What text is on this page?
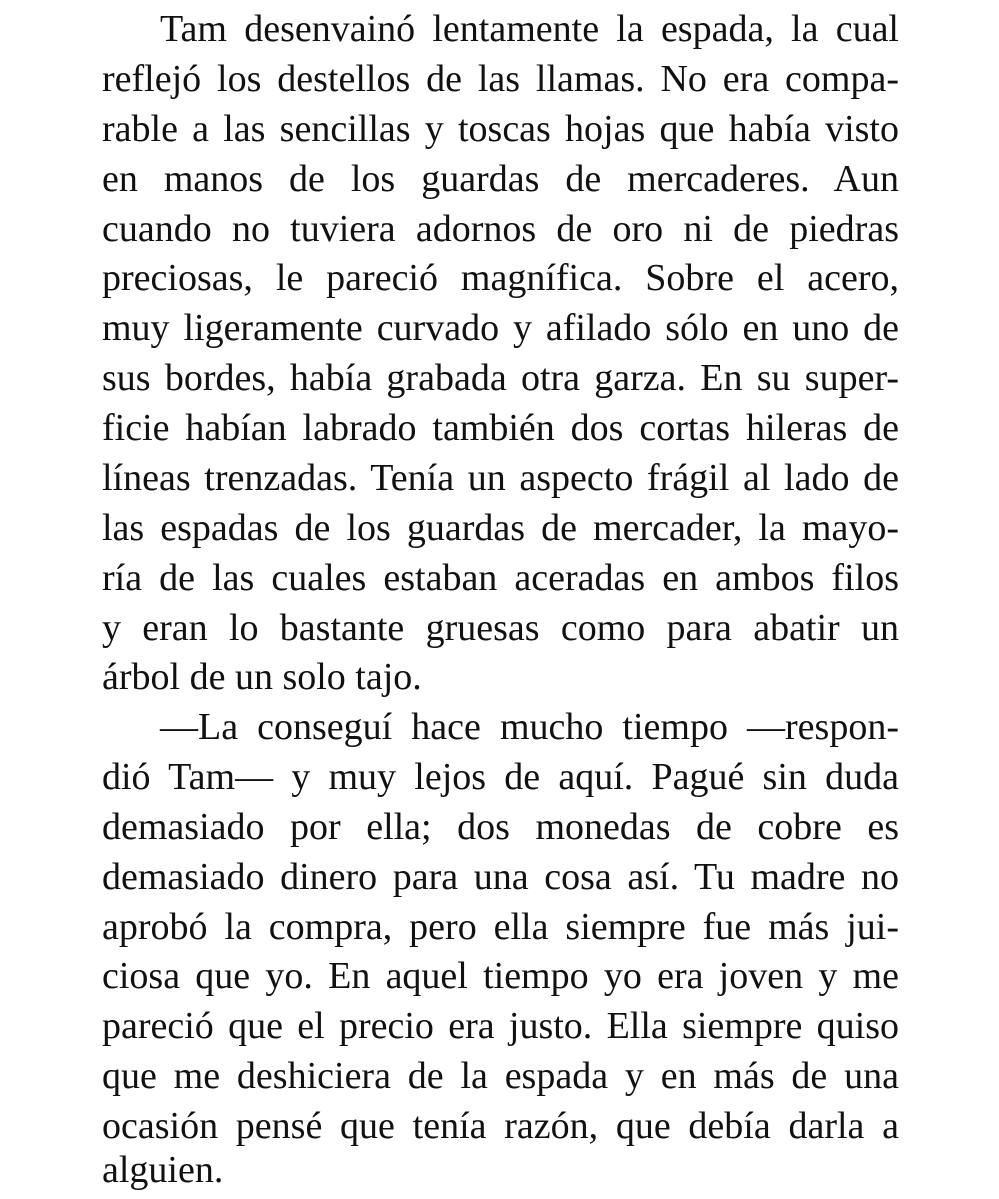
Tam desenvainó lentamente la espada, la cual
reflejó los destellos de las llamas. No era compa-
rable a las sencillas y toscas hojas que había visto
en manos de los guardas de mercaderes. Aun
cuando no tuviera adornos de oro ni de piedras
preciosas, le pareció magnífica. Sobre el acero,
muy ligeramente curvado y afilado sólo en uno de
sus bordes, había grabada otra garza. En su super-
ficie habían labrado también dos cortas hileras de
líneas trenzadas. Tenía un aspecto frágil al lado de
las espadas de los guardas de mercader, la mayo-
ría de las cuales estaban aceradas en ambos filos
y eran lo bastante gruesas como para abatir un
árbol de un solo tajo.
—La conseguí hace mucho tiempo —respon-
dió Tam— y muy lejos de aquí. Pagué sin duda
demasiado por ella; dos monedas de cobre es
demasiado dinero para una cosa así. Tu madre no
aprobó la compra, pero ella siempre fue más jui-
ciosa que yo. En aquel tiempo yo era joven y me
pareció que el precio era justo. Ella siempre quiso
que me deshiciera de la espada y en más de una
ocasión pensé que tenía razón, que debía darla a
alguien.
